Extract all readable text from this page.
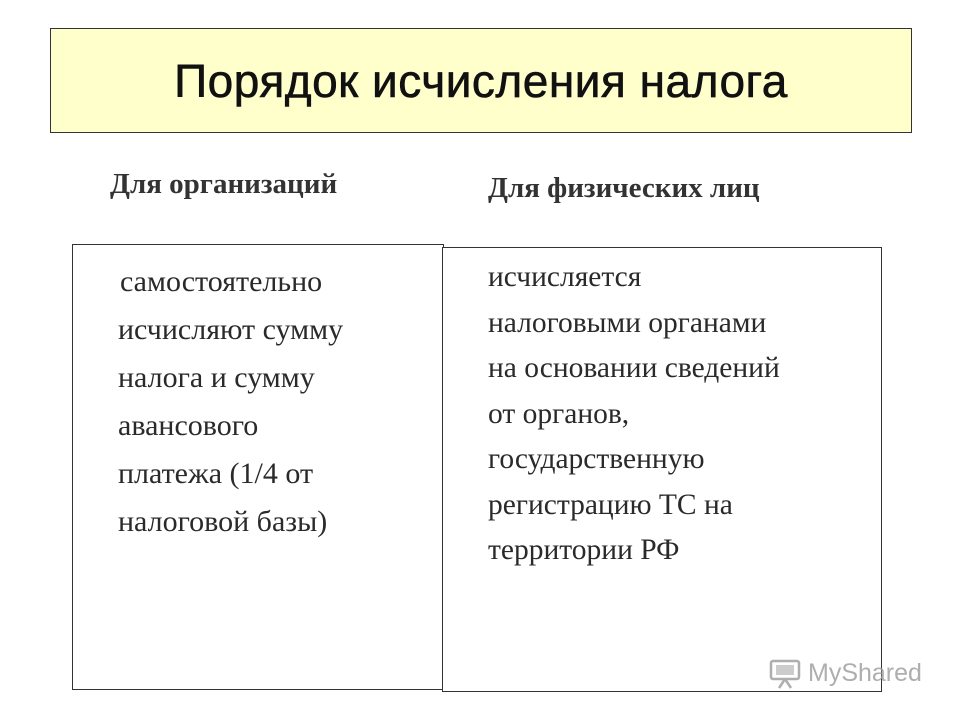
Порядок исчисления налога
Для организаций	Для физических лиц

самостоятельно
исчисляют сумму
налога и сумму
авансового
платежа (1/4 от
налоговой базы)

исчисляется
налоговыми органами
на основании сведений
от органов,
государственную
регистрацию ТС на
территории РФ

MyShared
